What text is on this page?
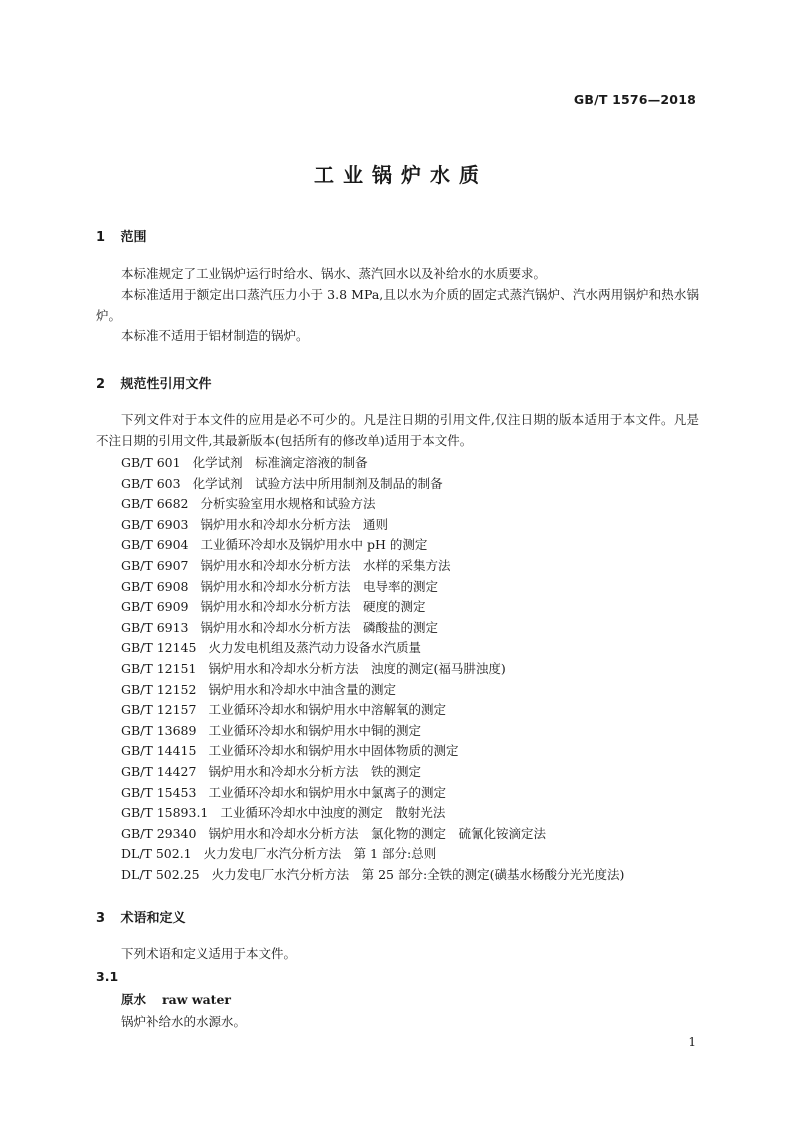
GB/T 1576—2018
工业锅炉水质
1 范围
本标准规定了工业锅炉运行时给水、锅水、蒸汽回水以及补给水的水质要求。
本标准适用于额定出口蒸汽压力小于 3.8 MPa,且以水为介质的固定式蒸汽锅炉、汽水两用锅炉和热水锅炉。
本标准不适用于铝材制造的锅炉。
2 规范性引用文件
下列文件对于本文件的应用是必不可少的。凡是注日期的引用文件,仅注日期的版本适用于本文件。凡是不注日期的引用文件,其最新版本(包括所有的修改单)适用于本文件。
GB/T 601 化学试剂　标准滴定溶液的制备
GB/T 603 化学试剂　试验方法中所用制剂及制品的制备
GB/T 6682 分析实验室用水规格和试验方法
GB/T 6903 锅炉用水和冷却水分析方法　通则
GB/T 6904 工业循环冷却水及锅炉用水中 pH 的测定
GB/T 6907 锅炉用水和冷却水分析方法　水样的采集方法
GB/T 6908 锅炉用水和冷却水分析方法　电导率的测定
GB/T 6909 锅炉用水和冷却水分析方法　硬度的测定
GB/T 6913 锅炉用水和冷却水分析方法　磷酸盐的测定
GB/T 12145 火力发电机组及蒸汽动力设备水汽质量
GB/T 12151 锅炉用水和冷却水分析方法　浊度的测定(福马肼浊度)
GB/T 12152 锅炉用水和冷却水中油含量的测定
GB/T 12157 工业循环冷却水和锅炉用水中溶解氧的测定
GB/T 13689 工业循环冷却水和锅炉用水中铜的测定
GB/T 14415 工业循环冷却水和锅炉用水中固体物质的测定
GB/T 14427 锅炉用水和冷却水分析方法　铁的测定
GB/T 15453 工业循环冷却水和锅炉用水中氯离子的测定
GB/T 15893.1 工业循环冷却水中浊度的测定　散射光法
GB/T 29340 锅炉用水和冷却水分析方法　氯化物的测定　硫氰化铵滴定法
DL/T 502.1 火力发电厂水汽分析方法　第 1 部分:总则
DL/T 502.25 火力发电厂水汽分析方法　第 25 部分:全铁的测定(磺基水杨酸分光光度法)
3 术语和定义
下列术语和定义适用于本文件。
3.1
原水 raw water
锅炉补给水的水源水。
1
